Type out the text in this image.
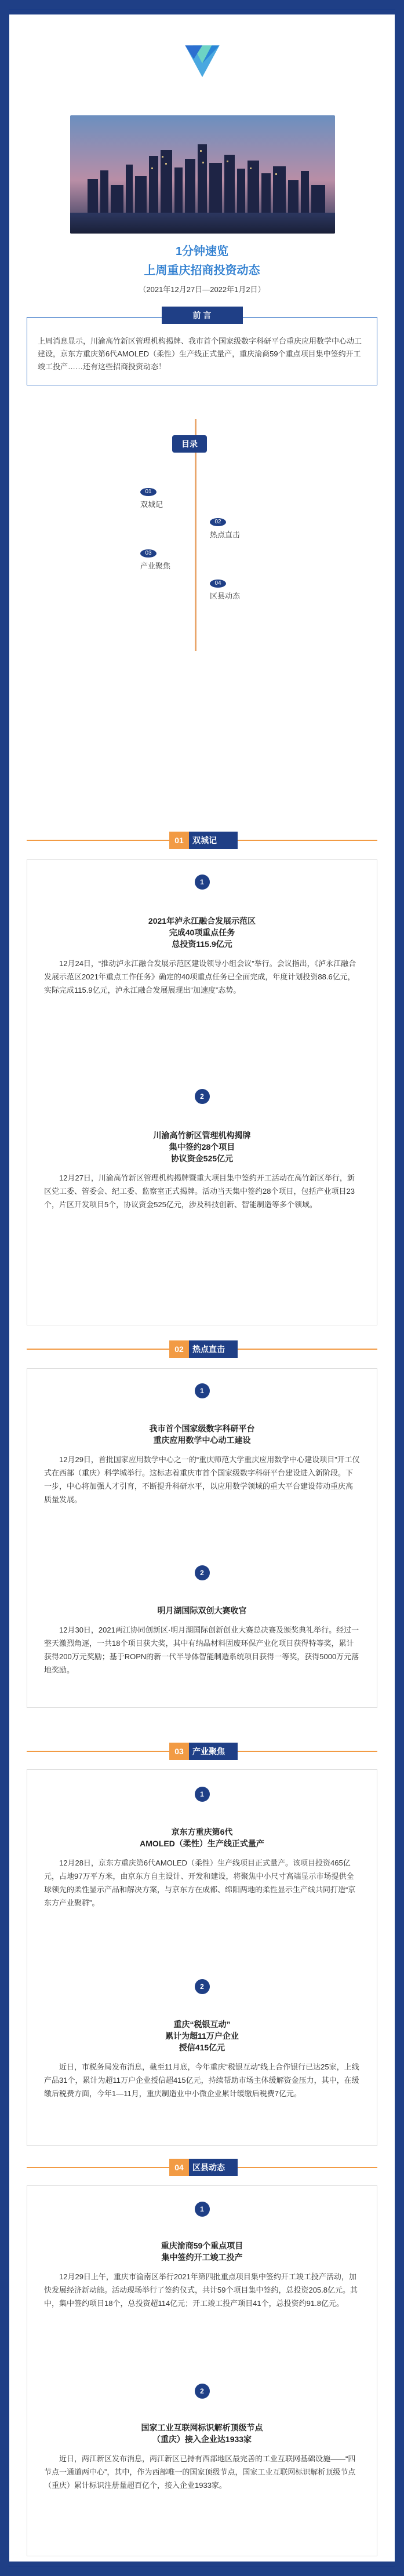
1分钟速览
上周重庆招商投资动态
（2021年12月27日—2022年1月2日）

上周消息显示，川渝高竹新区管理机构揭牌、我市首个国家级数字科研平台重庆应用数学中心动工建设，京东方重庆第6代AMOLED（柔性）生产线正式量产，重庆渝商59个重点项目集中签约开工竣工投产……还有这些招商投资动态！

前 言
目录
01
双城记
02
热点直击
03
产业聚焦
04
区县动态
01	双城记
1
2021年泸永江融合发展示范区
完成40项重点任务
总投资115.9亿元
12月24日，“推动泸永江融合发展示范区建设领导小组会议”举行。会议指出，《泸永江融合发展示范区2021年重点工作任务》确定的40项重点任务已全面完成，年度计划投资88.6亿元，实际完成115.9亿元，泸永江融合发展展现出“加速度”态势。
2
川渝高竹新区管理机构揭牌
集中签约28个项目
协议资金525亿元
12月27日，川渝高竹新区管理机构揭牌暨重大项目集中签约开工活动在高竹新区举行，新区党工委、管委会、纪工委、监察室正式揭牌。活动当天集中签约28个项目，包括产业项目23个，片区开发项目5个，协议资金525亿元，涉及科技创新、智能制造等多个领域。
02	热点直击
1
我市首个国家级数字科研平台
重庆应用数学中心动工建设
12月29日，首批国家应用数学中心之一的“重庆师范大学重庆应用数学中心建设项目”开工仪式在西部（重庆）科学城举行。这标志着重庆市首个国家级数字科研平台建设进入新阶段。下一步，中心将加强人才引育，不断提升科研水平，以应用数学领域的重大平台建设带动重庆高质量发展。
2
明月湖国际双创大赛收官
12月30日，2021两江协同创新区·明月湖国际创新创业大赛总决赛及颁奖典礼举行。经过一整天激烈角逐，一共18个项目获大奖，其中有纳晶材料固废环保产业化项目获得特等奖，累计获得200万元奖励；基于ROPN的新一代半导体智能制造系统项目获得一等奖，获得5000万元落地奖励。
03	产业聚焦
1
京东方重庆第6代
AMOLED（柔性）生产线正式量产
12月28日，京东方重庆第6代AMOLED（柔性）生产线项目正式量产。该项目投资465亿元，占地97万平方米，由京东方自主设计、开发和建设，将聚焦中小尺寸高端显示市场提供全球领先的柔性显示产品和解决方案，与京东方在成都、绵阳两地的柔性显示生产线共同打造“京东方产业聚群”。
2
重庆“税银互动”
累计为超11万户企业
授信415亿元
近日，市税务局发布消息，截至11月底，今年重庆“税银互动”线上合作银行已达25家，上线产品31个，累计为超11万户企业授信超415亿元，持续帮助市场主体缓解资金压力，其中，在缓缴后税费方面，今年1—11月，重庆制造业中小微企业累计缓缴后税费7亿元。
04	区县动态
1
重庆渝商59个重点项目
集中签约开工竣工投产
12月29日上午，重庆市渝南区举行2021年第四批重点项目集中签约开工竣工投产活动，加快发展经济新动能。活动现场举行了签约仪式，共计59个项目集中签约，总投资205.8亿元。其中，集中签约项目18个，总投资超114亿元；开工竣工投产项目41个，总投资约91.8亿元。
2
国家工业互联网标识解析顶级节点
（重庆）接入企业达1933家
近日，两江新区发布消息，两江新区已持有西部地区最完善的工业互联网基础设施——“四节点一通道两中心”，其中，作为西部唯一的国家顶级节点，国家工业互联网标识解析顶级节点（重庆）累计标识注册量超百亿个，接入企业1933家。
